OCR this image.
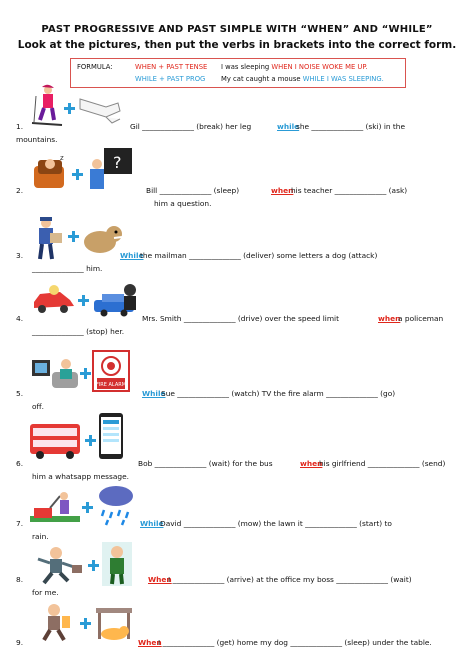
PAST PROGRESSIVE AND PAST SIMPLE WITH “WHEN” AND “WHILE”
Look at the pictures, then put the verbs in brackets into the correct form.
FORMULA:	WHEN + PAST TENSE I was sleeping WHEN I NOISE WOKE ME UP.
WHILE + PAST PROG My cat caught a mouse WHILE I WAS SLEEPING.
z	?
FIRE ALARM
1.	Gil ______________ (break) her leg	while
she ______________ (ski) in the
mountains.
2.	Bill ______________ (sleep)	when
his teacher ______________ (ask)
him a question.
3.	While
the mailman ______________ (deliver) some letters a dog (attack)
______________ him.
4.	Mrs. Smith ______________ (drive) over the speed limit	when
a policeman
______________ (stop) her.
5.	While
Sue ______________ (watch) TV the fire alarm ______________ (go)
off.
6.	Bob ______________ (wait) for the bus	when
his girlfriend ______________ (send)
him a whatsapp message.
7.	While
David ______________ (mow) the lawn it ______________ (start) to
rain.
8.	When
I ______________ (arrive) at the office my boss ______________ (wait)
for me.
9.	When
I ______________ (get) home my dog ______________ (sleep) under the table.
